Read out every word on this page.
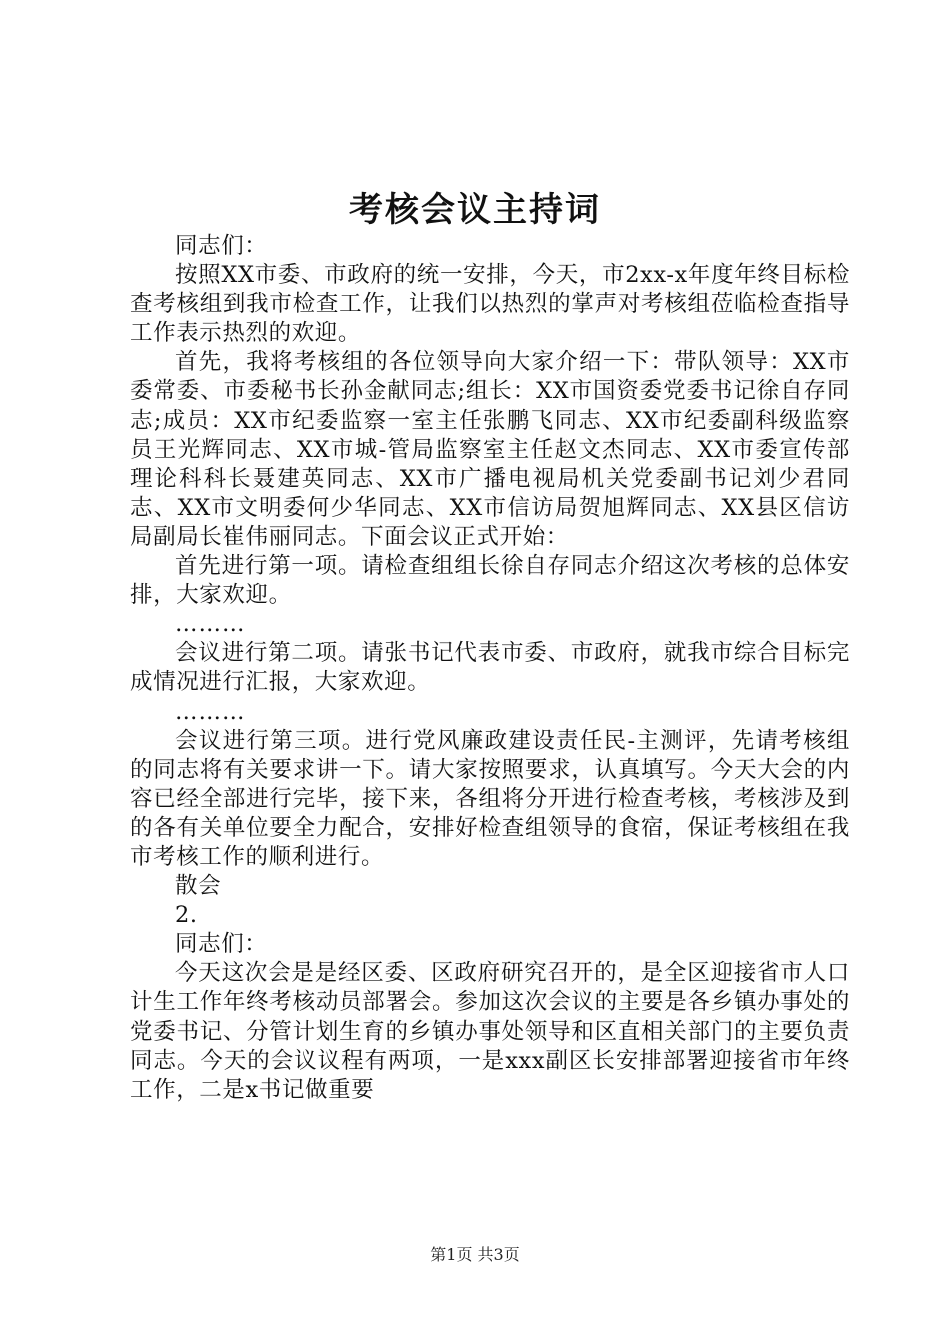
考核会议主持词

同志们：

按照XX市委、市政府的统一安排，今天，市2xx-x年度年终目标检查考核组到我市检查工作，让我们以热烈的掌声对考核组莅临检查指导工作表示热烈的欢迎。

首先，我将考核组的各位领导向大家介绍一下：带队领导：XX市委常委、市委秘书长孙金献同志;组长：XX市国资委党委书记徐自存同志;成员：XX市纪委监察一室主任张鹏飞同志、XX市纪委副科级监察员王光辉同志、XX市城-管局监察室主任赵文杰同志、XX市委宣传部理论科科长聂建英同志、XX市广播电视局机关党委副书记刘少君同志、XX市文明委何少华同志、XX市信访局贺旭辉同志、XX县区信访局副局长崔伟丽同志。下面会议正式开始：

首先进行第一项。请检查组组长徐自存同志介绍这次考核的总体安排，大家欢迎。

………

会议进行第二项。请张书记代表市委、市政府，就我市综合目标完成情况进行汇报，大家欢迎。

………

会议进行第三项。进行党风廉政建设责任民-主测评，先请考核组的同志将有关要求讲一下。请大家按照要求，认真填写。今天大会的内容已经全部进行完毕，接下来，各组将分开进行检查考核，考核涉及到的各有关单位要全力配合，安排好检查组领导的食宿，保证考核组在我市考核工作的顺利进行。

散会

2.

同志们：

今天这次会是是经区委、区政府研究召开的，是全区迎接省市人口计生工作年终考核动员部署会。参加这次会议的主要是各乡镇办事处的党委书记、分管计划生育的乡镇办事处领导和区直相关部门的主要负责同志。今天的会议议程有两项，一是xxx副区长安排部署迎接省市年终工作，二是x书记做重要

第1页 共3页
